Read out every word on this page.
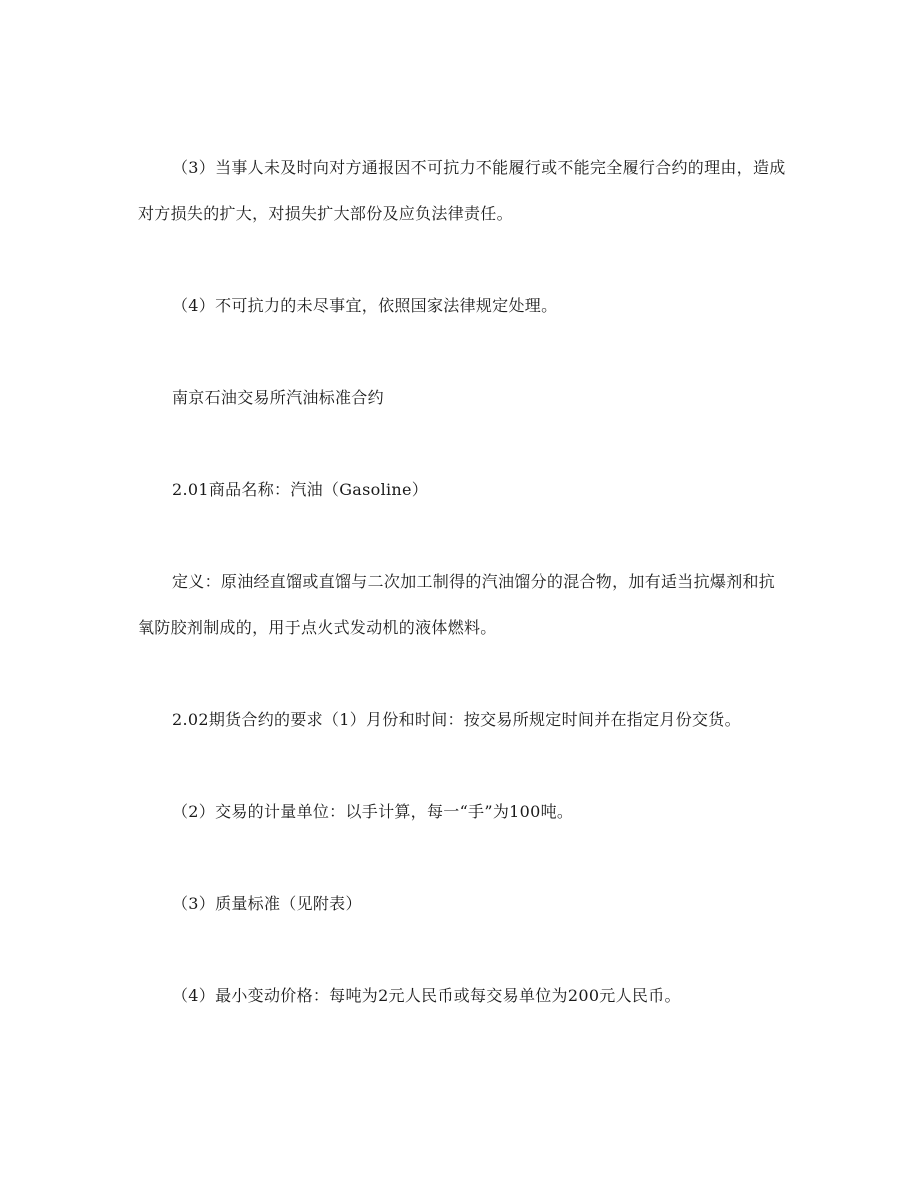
（3）当事人未及时向对方通报因不可抗力不能履行或不能完全履行合约的理由，造成对方损失的扩大，对损失扩大部份及应负法律责任。

（4）不可抗力的未尽事宜，依照国家法律规定处理。

南京石油交易所汽油标准合约

2.01商品名称：汽油（Gasoline）

定义：原油经直馏或直馏与二次加工制得的汽油馏分的混合物，加有适当抗爆剂和抗氧防胶剂制成的，用于点火式发动机的液体燃料。

2.02期货合约的要求（1）月份和时间：按交易所规定时间并在指定月份交货。

（2）交易的计量单位：以手计算，每一“手”为100吨。

（3）质量标准（见附表）

（4）最小变动价格：每吨为2元人民币或每交易单位为200元人民币。
